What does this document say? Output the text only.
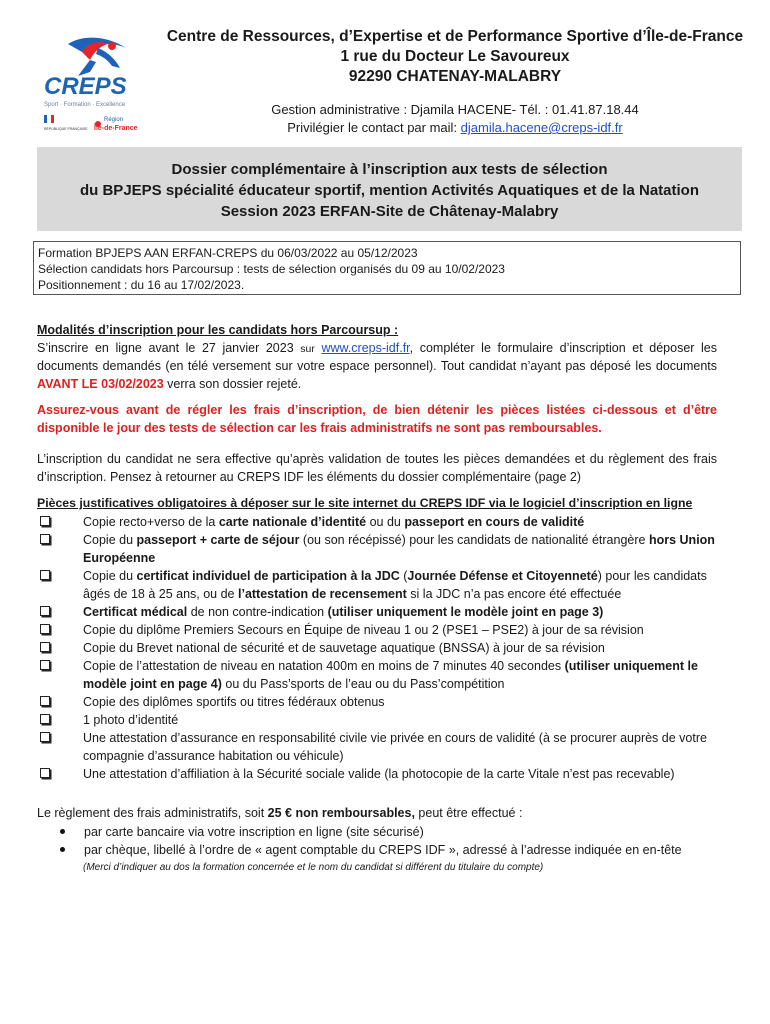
CREPS
Sport · Formation · Excellence
RÉPUBLIQUE FRANÇAISE
Région
Île-de-France
Centre de Ressources, d’Expertise et de Performance Sportive d’Île-de-France
1 rue du Docteur Le Savoureux
92290 CHATENAY-MALABRY
Gestion administrative : Djamila HACENE- Tél. : 01.41.87.18.44
Privilégier le contact par mail: djamila.hacene@creps-idf.fr
Dossier complémentaire à l’inscription aux tests de sélection
du BPJEPS spécialité éducateur sportif, mention Activités Aquatiques et de la Natation
Session 2023 ERFAN-Site de Châtenay-Malabry
Formation BPJEPS AAN ERFAN-CREPS du 06/03/2022 au 05/12/2023
Sélection candidats hors Parcoursup : tests de sélection organisés du 09 au 10/02/2023
Positionnement : du 16 au 17/02/2023.
Modalités d’inscription pour les candidats hors Parcoursup :
S’inscrire en ligne avant le 27 janvier 2023 sur www.creps-idf.fr, compléter le formulaire d’inscription et déposer les documents demandés (en télé versement sur votre espace personnel). Tout candidat n’ayant pas déposé les documents AVANT LE 03/02/2023 verra son dossier rejeté.
Assurez-vous avant de régler les frais d’inscription, de bien détenir les pièces listées ci-dessous et d’être disponible le jour des tests de sélection car les frais administratifs ne sont pas remboursables.
L’inscription du candidat ne sera effective qu’après validation de toutes les pièces demandées et du règlement des frais d’inscription. Pensez à retourner au CREPS IDF les éléments du dossier complémentaire (page 2)
Pièces justificatives obligatoires à déposer sur le site internet du CREPS IDF via le logiciel d’inscription en ligne
Copie recto+verso de la carte nationale d’identité ou du passeport en cours de validité
Copie du passeport + carte de séjour (ou son récépissé) pour les candidats de nationalité étrangère hors Union Européenne
Copie du certificat individuel de participation à la JDC (Journée Défense et Citoyenneté) pour les candidats âgés de 18 à 25 ans, ou de l’attestation de recensement si la JDC n’a pas encore été effectuée
Certificat médical de non contre-indication (utiliser uniquement le modèle joint en page 3)
Copie du diplôme Premiers Secours en Équipe de niveau 1 ou 2 (PSE1 – PSE2) à jour de sa révision
Copie du Brevet national de sécurité et de sauvetage aquatique (BNSSA) à jour de sa révision
Copie de l’attestation de niveau en natation 400m en moins de 7 minutes 40 secondes (utiliser uniquement le modèle joint en page 4) ou du Pass’sports de l’eau ou du Pass’compétition
Copie des diplômes sportifs ou titres fédéraux obtenus
1 photo d’identité
Une attestation d’assurance en responsabilité civile vie privée en cours de validité (à se procurer auprès de votre compagnie d’assurance habitation ou véhicule)
Une attestation d’affiliation à la Sécurité sociale valide (la photocopie de la carte Vitale n’est pas recevable)
Le règlement des frais administratifs, soit 25 € non remboursables, peut être effectué :
par carte bancaire via votre inscription en ligne (site sécurisé)
par chèque, libellé à l’ordre de « agent comptable du CREPS IDF », adressé à l’adresse indiquée en en-tête
(Merci d’indiquer au dos la formation concernée et le nom du candidat si différent du titulaire du compte)
